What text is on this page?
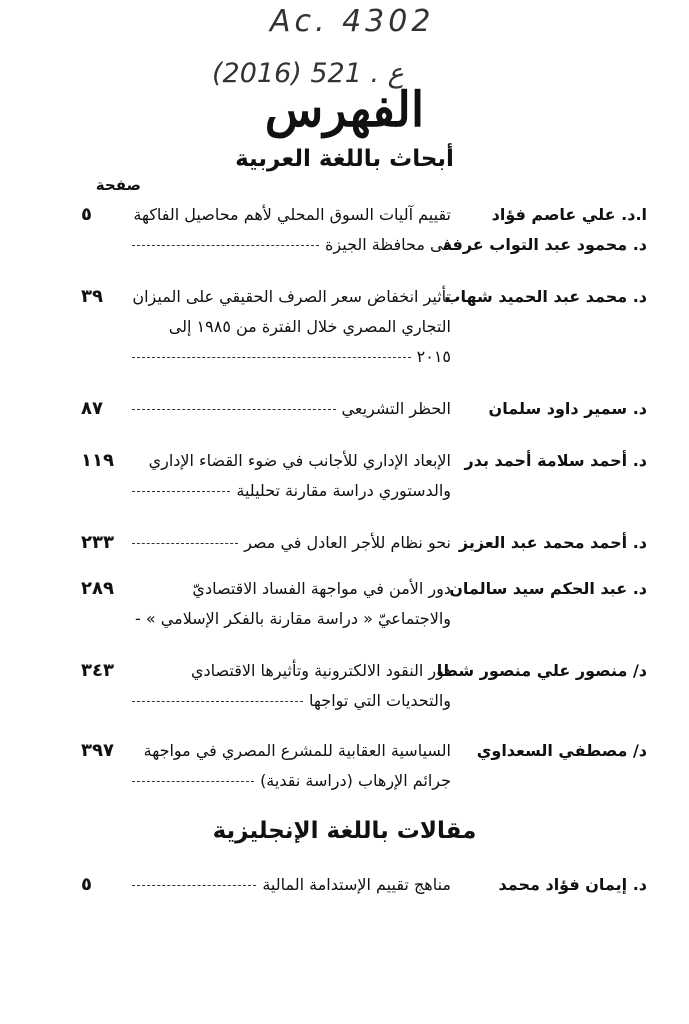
Ac. 4302
(2016) 521 . ع
الفهرس
أبحاث باللغة العربية
صفحة
ا.د. علي عاصم فؤاد
د. محمود عبد التواب عرفة
تقييم آليات السوق المحلي لأهم محاصيل الفاكهة
فى محافظة الجيزة
٥
د. محمد عبد الحميد شهاب
تأثير انخفاض سعر الصرف الحقيقي على الميزان
التجاري المصري خلال الفترة من ١٩٨٥ إلى
٢٠١٥
٣٩
د. سمير داود سلمان
الحظر التشريعي
٨٧
د. أحمد سلامة أحمد بدر
الإبعاد الإداري للأجانب في ضوء القضاء الإداري
والدستوري دراسة مقارنة تحليلية
١١٩
د. أحمد محمد عبد العزيز
نحو نظام للأجر العادل في مصر
٢٣٣
د. عبد الحكم سيد سالمان
دور الأمن في مواجهة الفساد الاقتصاديّ
والاجتماعيّ « دراسة مقارنة بالفكر الإسلامي » -
٢٨٩
د/ منصور علي منصور شطا
دور النقود الالكترونية وتأثيرها الاقتصادي
والتحديات التي تواجها
٣٤٣
د/ مصطفي السعداوي
السياسية العقابية للمشرع المصري في مواجهة
جرائم الإرهاب (دراسة نقدية)
٣٩٧
مقالات باللغة الإنجليزية
د. إيمان فؤاد محمد
مناهج تقييم الإستدامة المالية
٥
